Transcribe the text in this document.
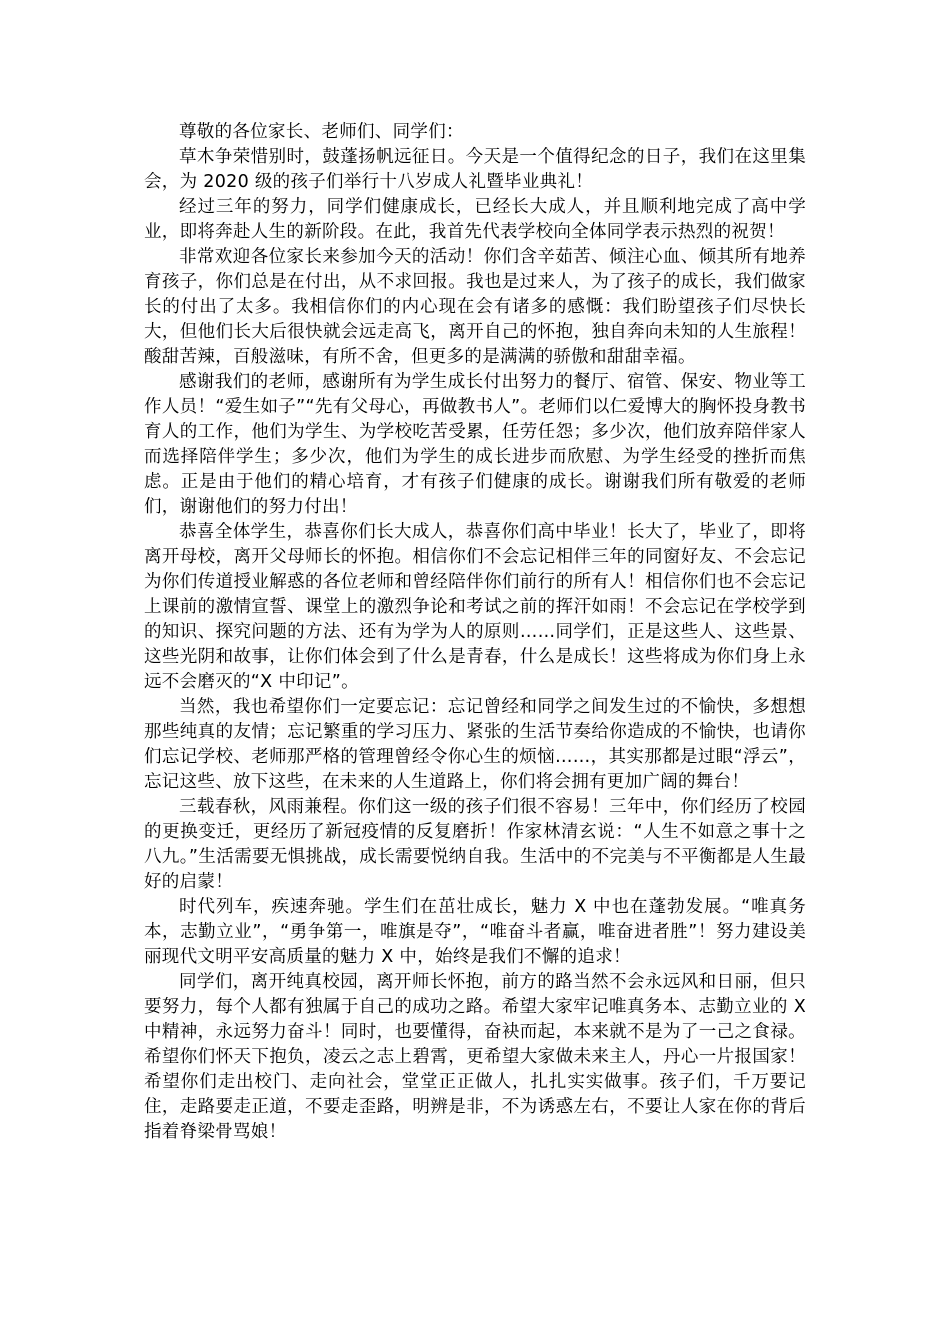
尊敬的各位家长、老师们、同学们：

草木争荣惜别时，鼓蓬扬帆远征日。今天是一个值得纪念的日子，我们在这里集会，为 2020 级的孩子们举行十八岁成人礼暨毕业典礼！

经过三年的努力，同学们健康成长，已经长大成人，并且顺利地完成了高中学业，即将奔赴人生的新阶段。在此，我首先代表学校向全体同学表示热烈的祝贺！

非常欢迎各位家长来参加今天的活动！你们含辛茹苦、倾注心血、倾其所有地养育孩子，你们总是在付出，从不求回报。我也是过来人，为了孩子的成长，我们做家长的付出了太多。我相信你们的内心现在会有诸多的感慨：我们盼望孩子们尽快长大，但他们长大后很快就会远走高飞，离开自己的怀抱，独自奔向未知的人生旅程！酸甜苦辣，百般滋味，有所不舍，但更多的是满满的骄傲和甜甜幸福。

感谢我们的老师，感谢所有为学生成长付出努力的餐厅、宿管、保安、物业等工作人员！“爱生如子”“先有父母心，再做教书人”。老师们以仁爱博大的胸怀投身教书育人的工作，他们为学生、为学校吃苦受累，任劳任怨；多少次，他们放弃陪伴家人而选择陪伴学生；多少次，他们为学生的成长进步而欣慰、为学生经受的挫折而焦虑。正是由于他们的精心培育，才有孩子们健康的成长。谢谢我们所有敬爱的老师们，谢谢他们的努力付出！

恭喜全体学生，恭喜你们长大成人，恭喜你们高中毕业！长大了，毕业了，即将离开母校，离开父母师长的怀抱。相信你们不会忘记相伴三年的同窗好友、不会忘记为你们传道授业解惑的各位老师和曾经陪伴你们前行的所有人！相信你们也不会忘记上课前的激情宣誓、课堂上的激烈争论和考试之前的挥汗如雨！不会忘记在学校学到的知识、探究问题的方法、还有为学为人的原则……同学们，正是这些人、这些景、这些光阴和故事，让你们体会到了什么是青春，什么是成长！这些将成为你们身上永远不会磨灭的“X 中印记”。

当然，我也希望你们一定要忘记：忘记曾经和同学之间发生过的不愉快，多想想那些纯真的友情；忘记繁重的学习压力、紧张的生活节奏给你造成的不愉快，也请你们忘记学校、老师那严格的管理曾经令你心生的烦恼……，其实那都是过眼“浮云”，忘记这些、放下这些，在未来的人生道路上，你们将会拥有更加广阔的舞台！

三载春秋，风雨兼程。你们这一级的孩子们很不容易！三年中，你们经历了校园的更换变迁，更经历了新冠疫情的反复磨折！作家林清玄说：“人生不如意之事十之八九。”生活需要无惧挑战，成长需要悦纳自我。生活中的不完美与不平衡都是人生最好的启蒙！

时代列车，疾速奔驰。学生们在茁壮成长，魅力 X 中也在蓬勃发展。“唯真务本，志勤立业”，“勇争第一，唯旗是夺”，“唯奋斗者赢，唯奋进者胜”！努力建设美丽现代文明平安高质量的魅力 X 中，始终是我们不懈的追求！

同学们，离开纯真校园，离开师长怀抱，前方的路当然不会永远风和日丽，但只要努力，每个人都有独属于自己的成功之路。希望大家牢记唯真务本、志勤立业的 X 中精神，永远努力奋斗！同时，也要懂得，奋袂而起，本来就不是为了一己之食禄。希望你们怀天下抱负，凌云之志上碧霄，更希望大家做未来主人，丹心一片报国家！希望你们走出校门、走向社会，堂堂正正做人，扎扎实实做事。孩子们，千万要记住，走路要走正道，不要走歪路，明辨是非，不为诱惑左右，不要让人家在你的背后指着脊梁骨骂娘！
